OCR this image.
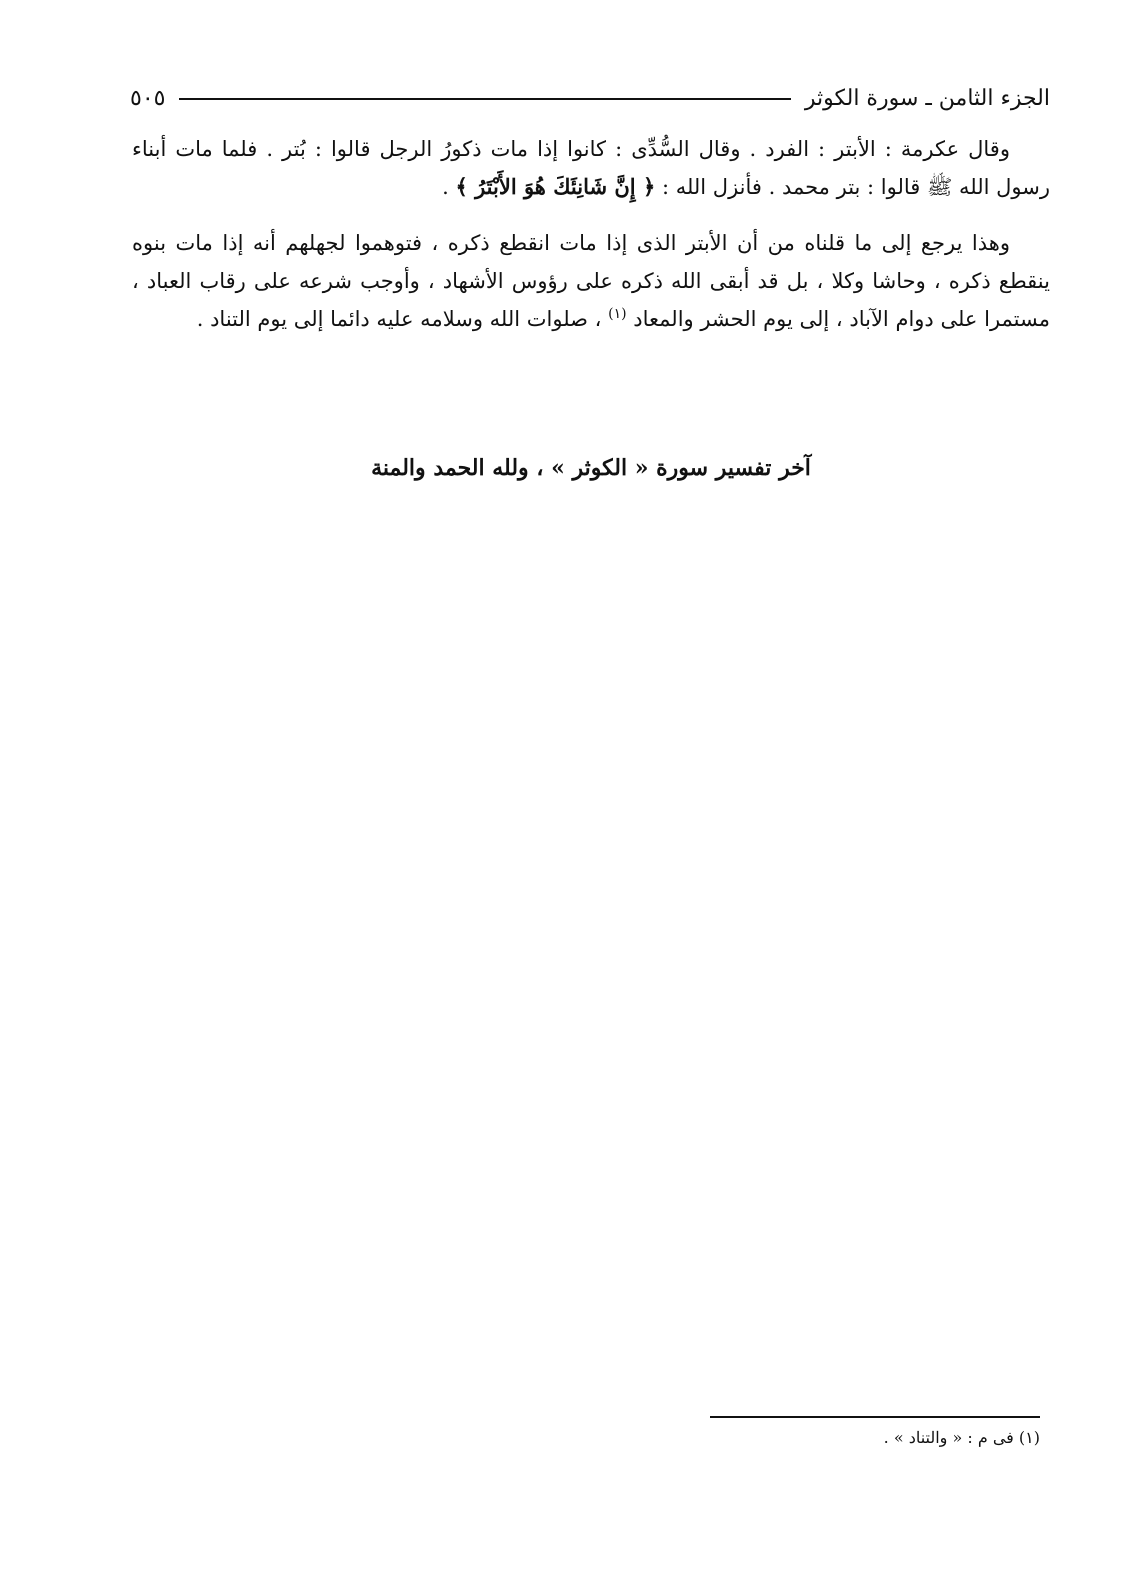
الجزء الثامن ـ سورة الكوثر
٥٠٥

وقال عكرمة : الأبتر : الفرد . وقال السُّدِّى : كانوا إذا مات ذكورُ الرجل قالوا : بُتر . فلما مات أبناء رسول الله ﷺ قالوا : بتر محمد . فأنزل الله : ﴿ إِنَّ شَانِئَكَ هُوَ الأَبْتَرُ ﴾ .

وهذا يرجع إلى ما قلناه من أن الأبتر الذى إذا مات انقطع ذكره ، فتوهموا لجهلهم أنه إذا مات بنوه ينقطع ذكره ، وحاشا وكلا ، بل قد أبقى الله ذكره على رؤوس الأشهاد ، وأوجب شرعه على رقاب العباد ، مستمرا على دوام الآباد ، إلى يوم الحشر والمعاد $^{(١)}$ ، صلوات الله وسلامه عليه دائما إلى يوم التناد .

آخر تفسير سورة « الكوثر » ، ولله الحمد والمنة
(١) فى م : « والتناد » .
